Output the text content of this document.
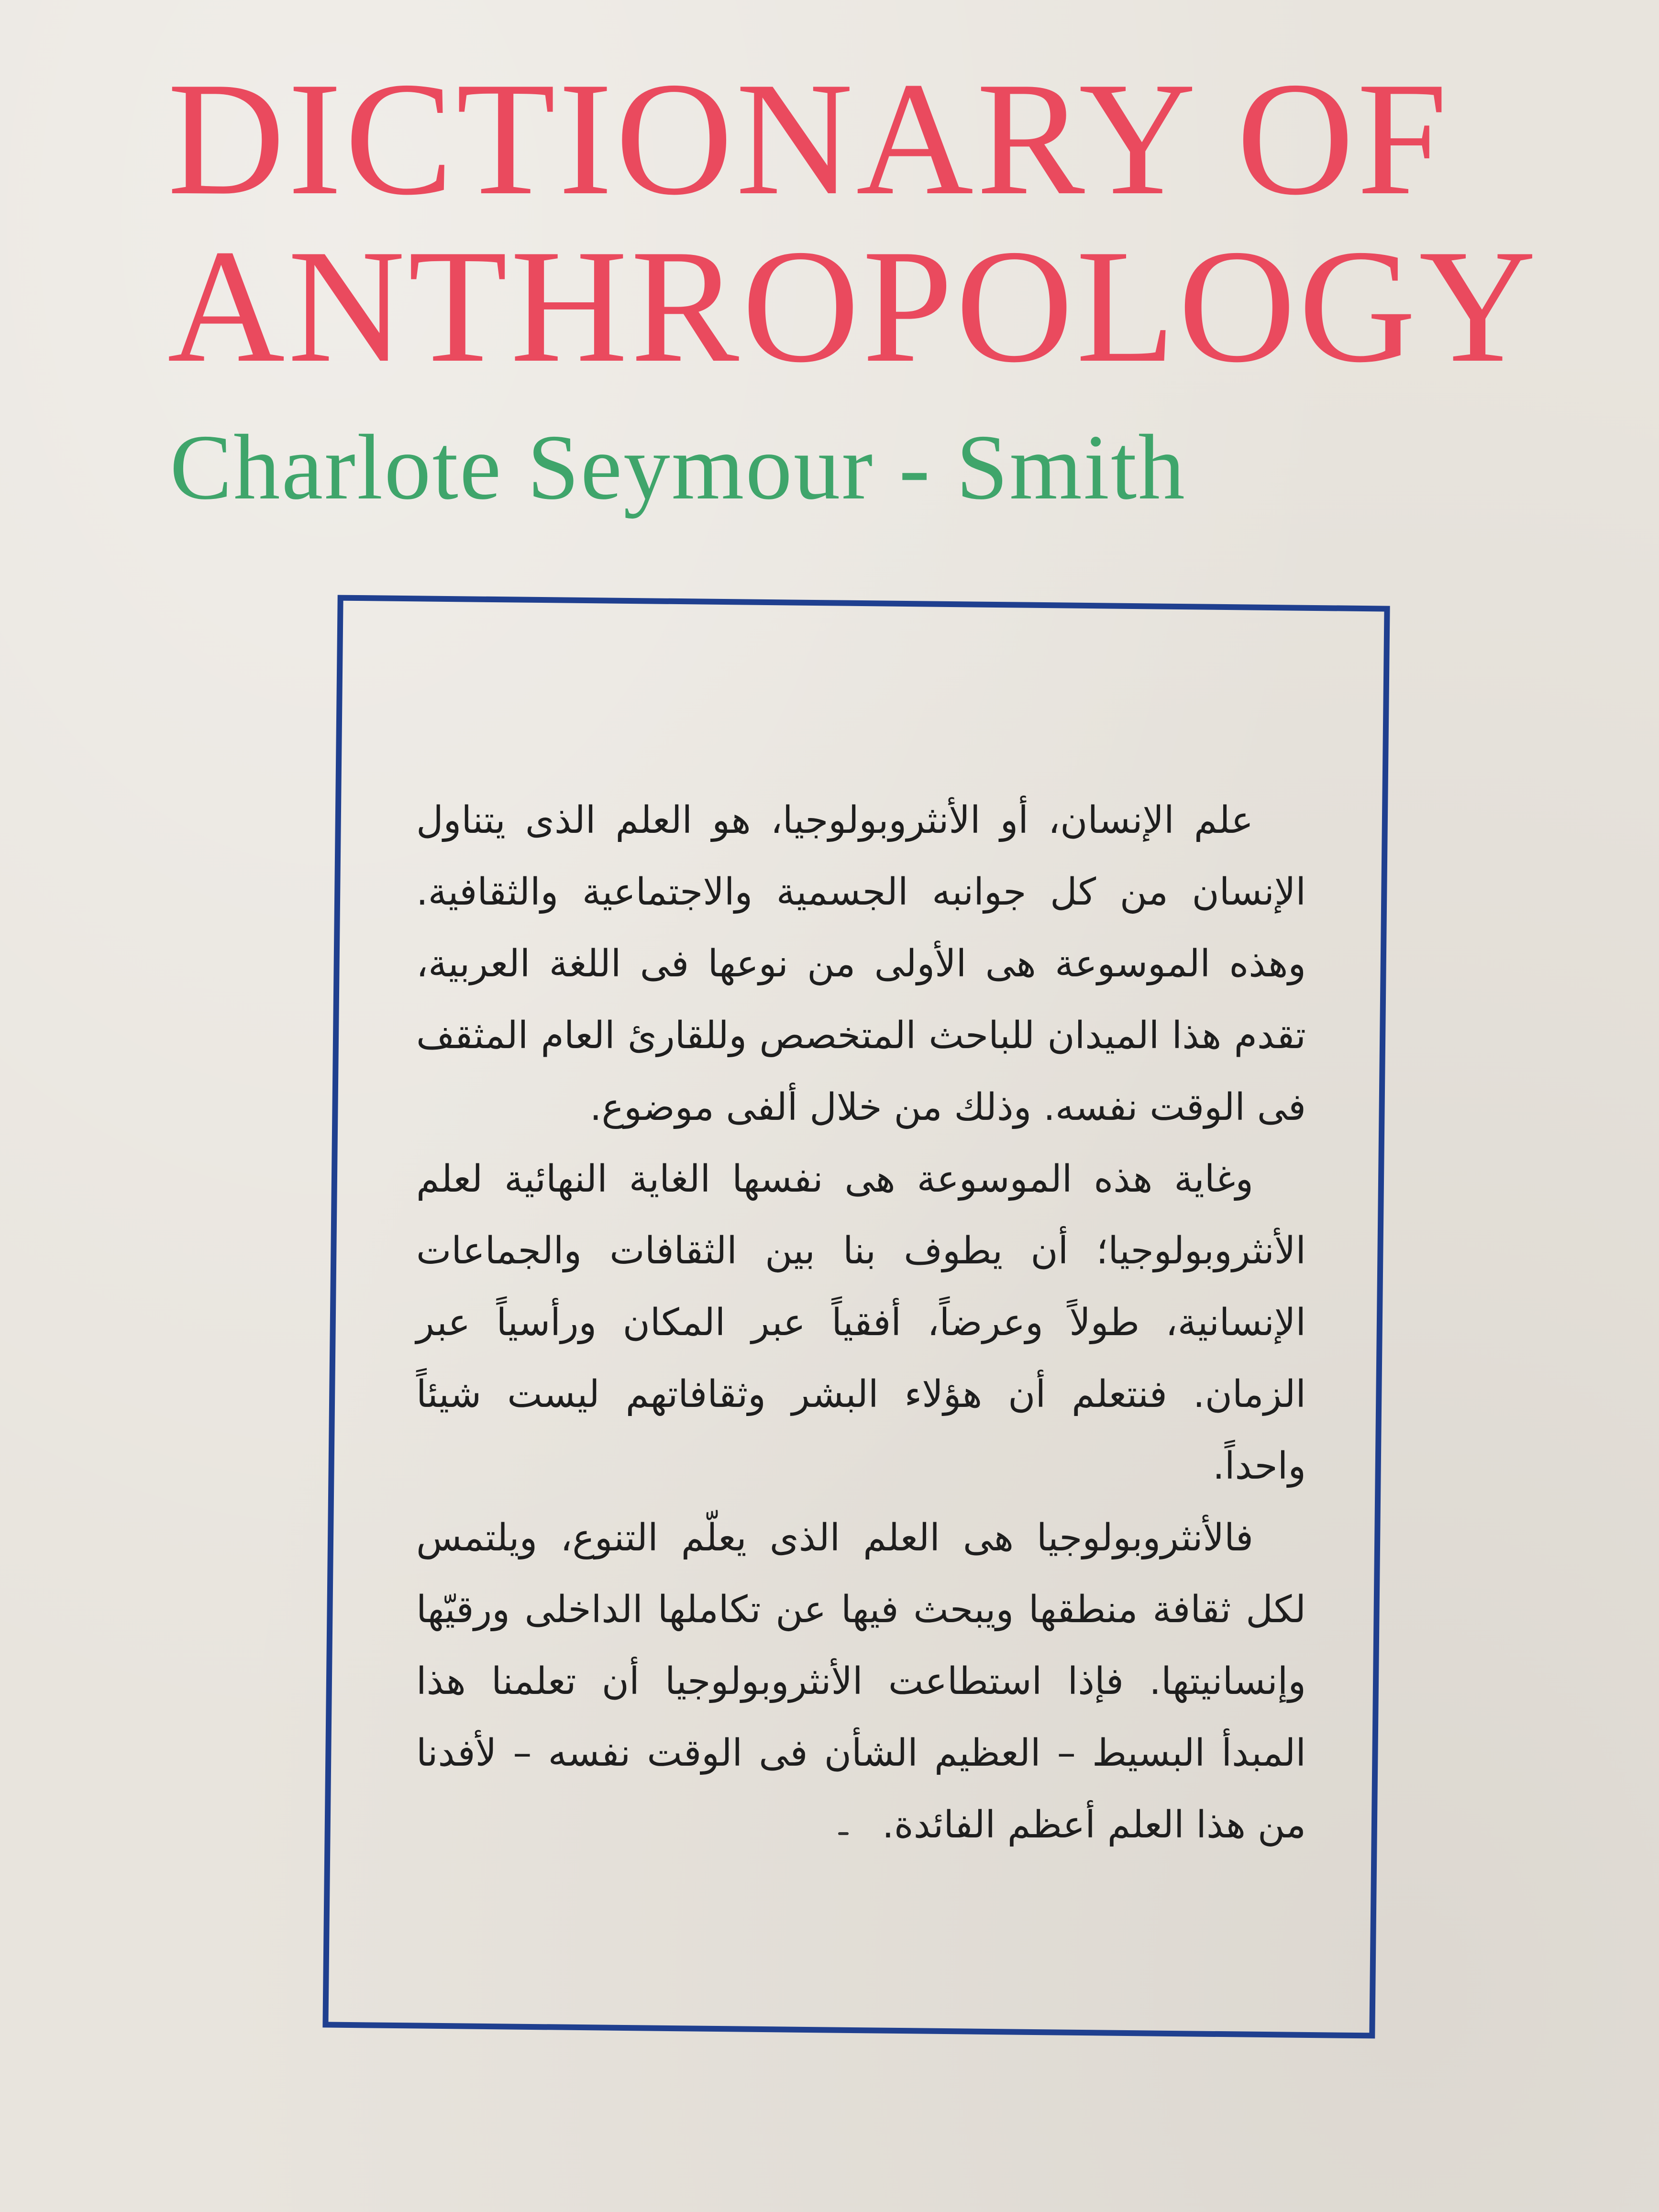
DICTIONARY OF
ANTHROPOLOGY
Charlote Seymour - Smith

علم الإنسان، أو الأنثروبولوجيا، هو العلم الذى يتناول الإنسان من كل جوانبه الجسمية والاجتماعية والثقافية. وهذه الموسوعة هى الأولى من نوعها فى اللغة العربية، تقدم هذا الميدان للباحث المتخصص وللقارئ العام المثقف فى الوقت نفسه. وذلك من خلال ألفى موضوع.

وغاية هذه الموسوعة هى نفسها الغاية النهائية لعلم الأنثروبولوجيا؛ أن يطوف بنا بين الثقافات والجماعات الإنسانية، طولاً وعرضاً، أفقياً عبر المكان ورأسياً عبر الزمان. فنتعلم أن هؤلاء البشر وثقافاتهم ليست شيئاً واحداً.

فالأنثروبولوجيا هى العلم الذى يعلّم التنوع، ويلتمس لكل ثقافة منطقها ويبحث فيها عن تكاملها الداخلى ورقيّها وإنسانيتها. فإذا استطاعت الأنثروبولوجيا أن تعلمنا هذا المبدأ البسيط – العظيم الشأن فى الوقت نفسه – لأفدنا من هذا العلم أعظم الفائدة.
